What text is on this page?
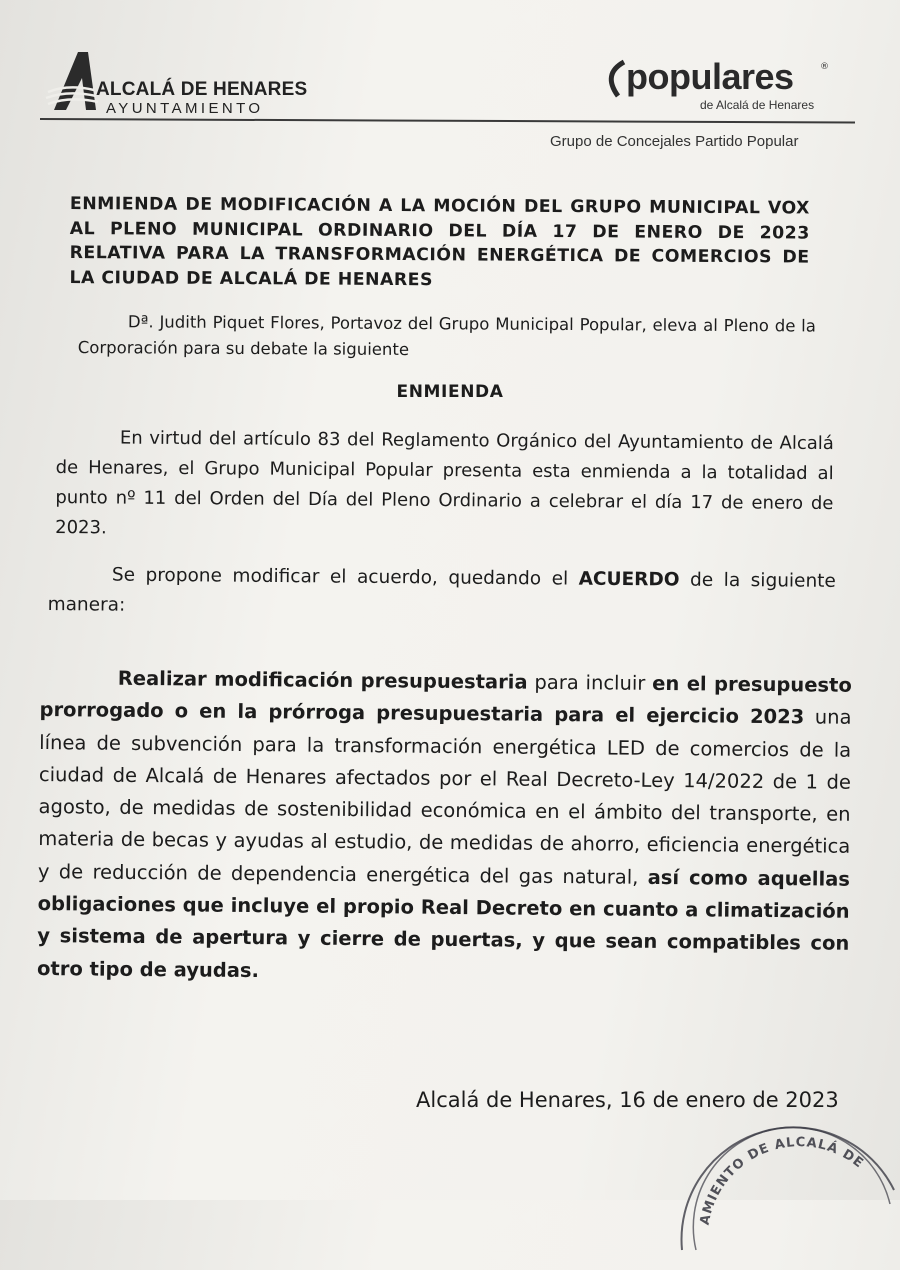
ALCALÁ DE HENARES
AYUNTAMIENTO
populares	®
de Alcalá de Henares
Grupo de Concejales Partido Popular
ENMIENDA DE MODIFICACIÓN A LA MOCIÓN DEL GRUPO MUNICIPAL VOX AL PLENO MUNICIPAL ORDINARIO DEL DÍA 17 DE ENERO DE 2023 RELATIVA PARA LA TRANSFORMACIÓN ENERGÉTICA DE COMERCIOS DE LA CIUDAD DE ALCALÁ DE HENARES
Dª. Judith Piquet Flores, Portavoz del Grupo Municipal Popular, eleva al Pleno de la Corporación para su debate la siguiente
ENMIENDA
En virtud del artículo 83 del Reglamento Orgánico del Ayuntamiento de Alcalá de Henares, el Grupo Municipal Popular presenta esta enmienda a la totalidad al punto nº 11 del Orden del Día del Pleno Ordinario a celebrar el día 17 de enero de 2023.
Se propone modificar el acuerdo, quedando el ACUERDO de la siguiente manera:
Realizar modificación presupuestaria para incluir en el presupuesto prorrogado o en la prórroga presupuestaria para el ejercicio 2023 una línea de subvención para la transformación energética LED de comercios de la ciudad de Alcalá de Henares afectados por el Real Decreto-Ley 14/2022 de 1 de agosto, de medidas de sostenibilidad económica en el ámbito del transporte, en materia de becas y ayudas al estudio, de medidas de ahorro, eficiencia energética y de reducción de dependencia energética del gas natural, así como aquellas obligaciones que incluye el propio Real Decreto en cuanto a climatización y sistema de apertura y cierre de puertas, y que sean compatibles con otro tipo de ayudas.
Alcalá de Henares, 16 de enero de 2023
AMIENTO DE ALCALÁ DE
